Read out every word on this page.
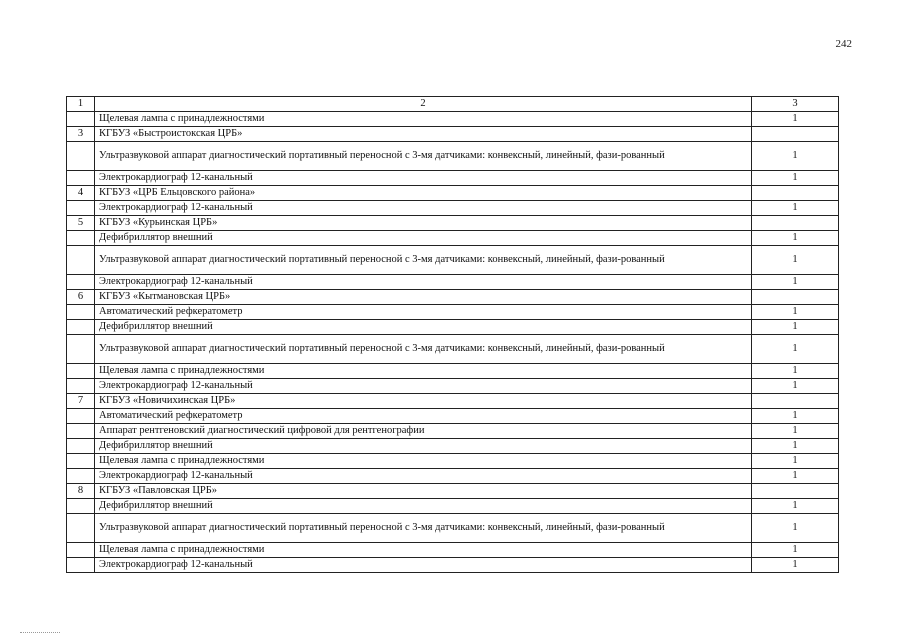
242
1	2	3
	Щелевая лампа с принадлежностями	1
3	КГБУЗ «Быстроистокская ЦРБ»	
	Ультразвуковой аппарат диагностический портативный переносной с 3-мя датчиками: конвексный, линейный, фази-рованный	1
	Электрокардиограф 12-канальный	1
4	КГБУЗ «ЦРБ Ельцовского района»	
	Электрокардиограф 12-канальный	1
5	КГБУЗ «Курьинская ЦРБ»	
	Дефибриллятор внешний	1
	Ультразвуковой аппарат диагностический портативный переносной с 3-мя датчиками: конвексный, линейный, фази-рованный	1
	Электрокардиограф 12-канальный	1
6	КГБУЗ «Кытмановская ЦРБ»	
	Автоматический рефкератометр	1
	Дефибриллятор внешний	1
	Ультразвуковой аппарат диагностический портативный переносной с 3-мя датчиками: конвексный, линейный, фази-рованный	1
	Щелевая лампа с принадлежностями	1
	Электрокардиограф 12-канальный	1
7	КГБУЗ «Новичихинская ЦРБ»	
	Автоматический рефкератометр	1
	Аппарат рентгеновский диагностический цифровой для рентгенографии	1
	Дефибриллятор внешний	1
	Щелевая лампа с принадлежностями	1
	Электрокардиограф 12-канальный	1
8	КГБУЗ «Павловская ЦРБ»	
	Дефибриллятор внешний	1
	Ультразвуковой аппарат диагностический портативный переносной с 3-мя датчиками: конвексный, линейный, фази-рованный	1
	Щелевая лампа с принадлежностями	1
	Электрокардиограф 12-канальный	1
